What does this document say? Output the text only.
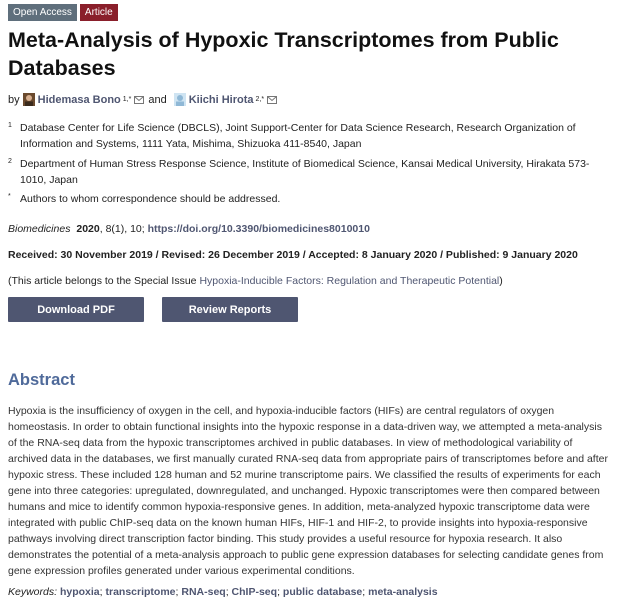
Open Access	Article
Meta-Analysis of Hypoxic Transcriptomes from Public Databases
by Hidemasa Bono 1,* and Kiichi Hirota 2,*
1 Database Center for Life Science (DBCLS), Joint Support-Center for Data Science Research, Research Organization of
Information and Systems, 1111 Yata, Mishima, Shizuoka 411-8540, Japan
2 Department of Human Stress Response Science, Institute of Biomedical Science, Kansai Medical University, Hirakata 573-
1010, Japan
* Authors to whom correspondence should be addressed.
Biomedicines 2020, 8(1), 10; https://doi.org/10.3390/biomedicines8010010
Received: 30 November 2019 / Revised: 26 December 2019 / Accepted: 8 January 2020 / Published: 9 January 2020
(This article belongs to the Special Issue Hypoxia-Inducible Factors: Regulation and Therapeutic Potential)
Download PDF	Review Reports
Abstract
Hypoxia is the insufficiency of oxygen in the cell, and hypoxia-inducible factors (HIFs) are central regulators of oxygen
homeostasis. In order to obtain functional insights into the hypoxic response in a data-driven way, we attempted a meta-analysis
of the RNA-seq data from the hypoxic transcriptomes archived in public databases. In view of methodological variability of
archived data in the databases, we first manually curated RNA-seq data from appropriate pairs of transcriptomes before and after
hypoxic stress. These included 128 human and 52 murine transcriptome pairs. We classified the results of experiments for each
gene into three categories: upregulated, downregulated, and unchanged. Hypoxic transcriptomes were then compared between
humans and mice to identify common hypoxia-responsive genes. In addition, meta-analyzed hypoxic transcriptome data were
integrated with public ChIP-seq data on the known human HIFs, HIF-1 and HIF-2, to provide insights into hypoxia-responsive
pathways involving direct transcription factor binding. This study provides a useful resource for hypoxia research. It also
demonstrates the potential of a meta-analysis approach to public gene expression databases for selecting candidate genes from
gene expression profiles generated under various experimental conditions.
Keywords: hypoxia; transcriptome; RNA-seq; ChIP-seq; public database; meta-analysis
